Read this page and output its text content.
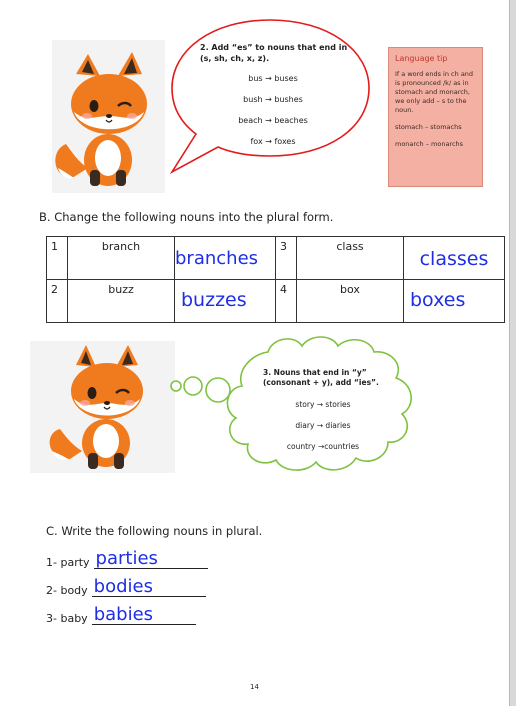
2. Add “es” to nouns that end in (s, sh, ch, x, z).
bus → buses
bush → bushes
beach → beaches
fox → foxes
Language tip
If a word ends in ch and is pronounced /k/ as in stomach and monarch, we only add – s to the noun.
stomach – stomachs
monarch – monarchs
B. Change the following nouns into the plural form.
1	branch	branches	3	class	classes

2	buzz	buzzes	4	box	boxes
3. Nouns that end in “y” (consonant + y), add “ies”.
story → stories
diary → diaries
country →countries
C. Write the following nouns in plural.
1- party parties
2- body bodies
3- baby babies
14
